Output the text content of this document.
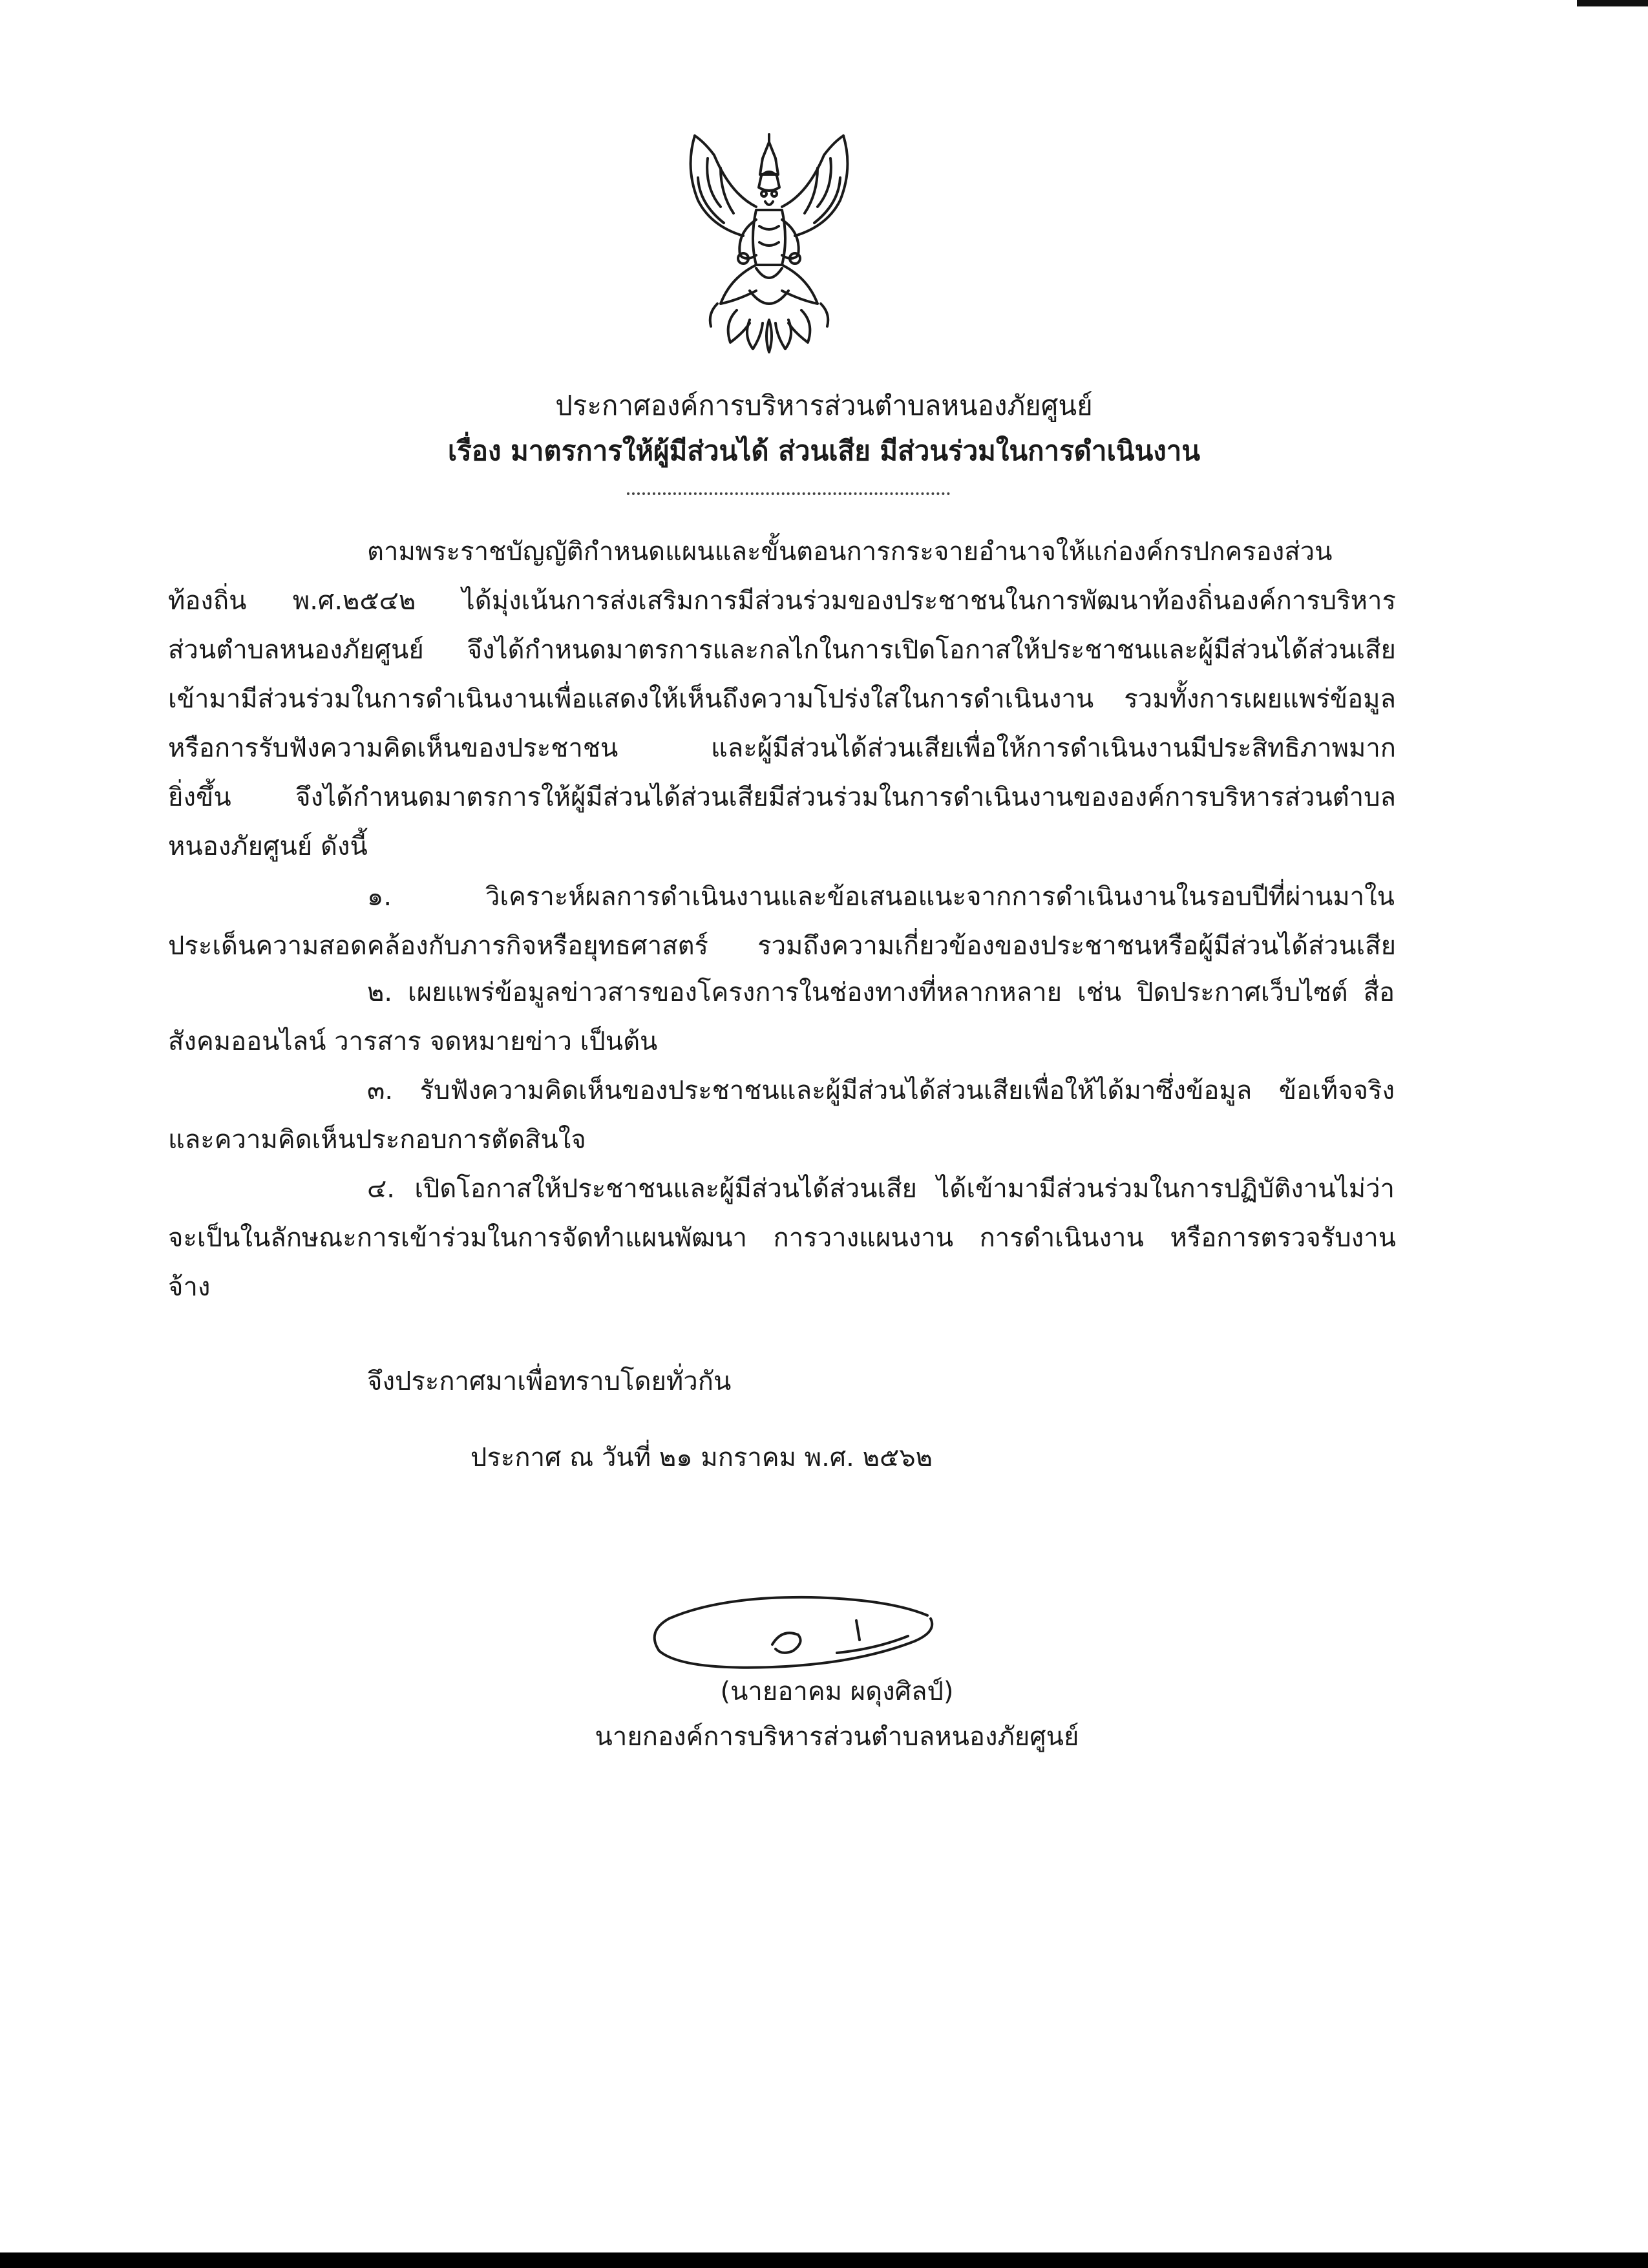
ประกาศองค์การบริหารส่วนตำบลหนองภัยศูนย์
เรื่อง มาตรการให้ผู้มีส่วนได้ ส่วนเสีย มีส่วนร่วมในการดำเนินงาน
ตามพระราชบัญญัติกำหนดแผนและขั้นตอนการกระจายอำนาจให้แก่องค์กรปกครองส่วน
ท้องถิ่น พ.ศ.๒๕๔๒ ได้มุ่งเน้นการส่งเสริมการมีส่วนร่วมของประชาชนในการพัฒนาท้องถิ่นองค์การบริหาร
ส่วนตำบลหนองภัยศูนย์ จึงได้กำหนดมาตรการและกลไกในการเปิดโอกาสให้ประชาชนและผู้มีส่วนได้ส่วนเสีย
เข้ามามีส่วนร่วมในการดำเนินงานเพื่อแสดงให้เห็นถึงความโปร่งใสในการดำเนินงาน รวมทั้งการเผยแพร่ข้อมูล
หรือการรับฟังความคิดเห็นของประชาชน และผู้มีส่วนได้ส่วนเสียเพื่อให้การดำเนินงานมีประสิทธิภาพมาก
ยิ่งขึ้น จึงได้กำหนดมาตรการให้ผู้มีส่วนได้ส่วนเสียมีส่วนร่วมในการดำเนินงานขององค์การบริหารส่วนตำบล
หนองภัยศูนย์ ดังนี้
๑. วิเคราะห์ผลการดำเนินงานและข้อเสนอแนะจากการดำเนินงานในรอบปีที่ผ่านมาใน
ประเด็นความสอดคล้องกับภารกิจหรือยุทธศาสตร์ รวมถึงความเกี่ยวข้องของประชาชนหรือผู้มีส่วนได้ส่วนเสีย
๒. เผยแพร่ข้อมูลข่าวสารของโครงการในช่องทางที่หลากหลาย เช่น ปิดประกาศเว็บไซต์ สื่อ
สังคมออนไลน์ วารสาร จดหมายข่าว เป็นต้น
๓. รับฟังความคิดเห็นของประชาชนและผู้มีส่วนได้ส่วนเสียเพื่อให้ได้มาซึ่งข้อมูล ข้อเท็จจริง
และความคิดเห็นประกอบการตัดสินใจ
๔. เปิดโอกาสให้ประชาชนและผู้มีส่วนได้ส่วนเสีย ได้เข้ามามีส่วนร่วมในการปฏิบัติงานไม่ว่า
จะเป็นในลักษณะการเข้าร่วมในการจัดทำแผนพัฒนา การวางแผนงาน การดำเนินงาน หรือการตรวจรับงาน
จ้าง
จึงประกาศมาเพื่อทราบโดยทั่วกัน
ประกาศ ณ วันที่ ๒๑ มกราคม พ.ศ. ๒๕๖๒
(นายอาคม ผดุงศิลป์)
นายกองค์การบริหารส่วนตำบลหนองภัยศูนย์
